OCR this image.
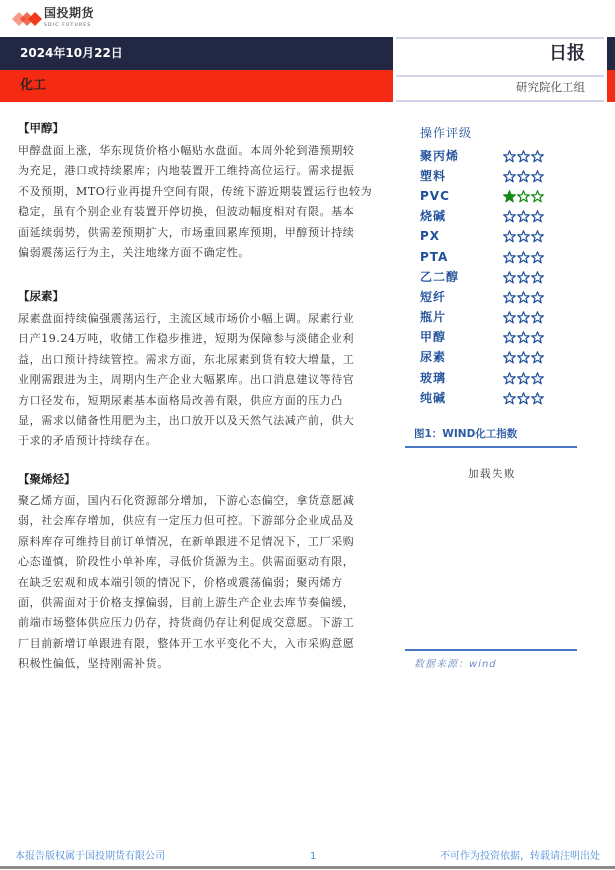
国投期货
SDIC FUTURES
2024年10月22日
化工
日报
研究院化工组
【甲醇】
甲醇盘面上涨，华东现货价格小幅贴水盘面。本周外轮到港预期较
为充足，港口或持续累库；内地装置开工维持高位运行。需求提振
不及预期，MTO行业再提升空间有限，传统下游近期装置运行也较为
稳定，虽有个别企业有装置开停切换，但波动幅度相对有限。基本
面延续弱势，供需差预期扩大，市场重回累库预期，甲醇预计持续
偏弱震荡运行为主，关注地缘方面不确定性。
【尿素】
尿素盘面持续偏强震荡运行，主流区域市场价小幅上调。尿素行业
日产19.24万吨，收储工作稳步推进，短期为保障参与淡储企业利
益，出口预计持续管控。需求方面，东北尿素到货有较大增量，工
业刚需跟进为主，周期内生产企业大幅累库。出口消息建议等待官
方口径发布，短期尿素基本面格局改善有限，供应方面的压力凸
显，需求以储备性用肥为主，出口放开以及天然气法减产前，供大
于求的矛盾预计持续存在。
【聚烯烃】
聚乙烯方面，国内石化资源部分增加，下游心态偏空，拿货意愿减
弱，社会库存增加，供应有一定压力但可控。下游部分企业成品及
原料库存可维持目前订单情况，在新单跟进不足情况下，工厂采购
心态谨慎，阶段性小单补库，寻低价货源为主。供需面驱动有限，
在缺乏宏观和成本端引领的情况下，价格或震荡偏弱；聚丙烯方
面，供需面对于价格支撑偏弱，目前上游生产企业去库节奏偏缓，
前端市场整体供应压力仍存，持货商仍存让利促成交意愿。下游工
厂目前新增订单跟进有限，整体开工水平变化不大，入市采购意愿
积极性偏低，坚持刚需补货。
操作评级
聚丙烯
塑料
PVC
烧碱
PX
PTA
乙二醇
短纤
瓶片
甲醇
尿素
玻璃
纯碱
图1：WIND化工指数
加载失败
数据来源：wind
本报告版权属于国投期货有限公司	1	不可作为投资依据，转载请注明出处
